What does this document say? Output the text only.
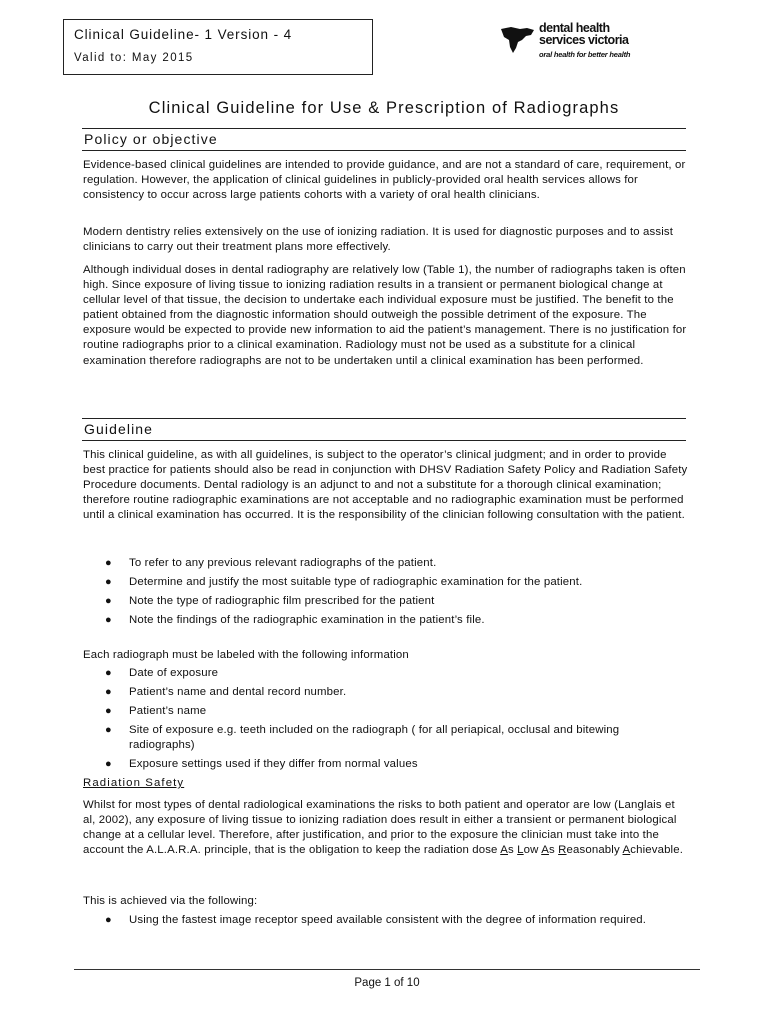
Clinical Guideline- 1 Version - 4
Valid to: May 2015
dental health
services victoria
oral health for better health
Clinical Guideline for Use & Prescription of Radiographs
Policy or objective

Evidence-based clinical guidelines are intended to provide guidance, and are not a standard of care, requirement, or regulation. However, the application of clinical guidelines in publicly-provided oral health services allows for consistency to occur across large patients cohorts with a variety of oral health clinicians.

Modern dentistry relies extensively on the use of ionizing radiation. It is used for diagnostic purposes and to assist clinicians to carry out their treatment plans more effectively.

Although individual doses in dental radiography are relatively low (Table 1), the number of radiographs taken is often high. Since exposure of living tissue to ionizing radiation results in a transient or permanent biological change at cellular level of that tissue, the decision to undertake each individual exposure must be justified. The benefit to the patient obtained from the diagnostic information should outweigh the possible detriment of the exposure. The exposure would be expected to provide new information to aid the patient’s management. There is no justification for routine radiographs prior to a clinical examination. Radiology must not be used as a substitute for a clinical examination therefore radiographs are not to be undertaken until a clinical examination has been performed.

Guideline

This clinical guideline, as with all guidelines, is subject to the operator’s clinical judgment; and in order to provide best practice for patients should also be read in conjunction with DHSV Radiation Safety Policy and Radiation Safety Procedure documents. Dental radiology is an adjunct to and not a substitute for a thorough clinical examination; therefore routine radiographic examinations are not acceptable and no radiographic examination must be performed until a clinical examination has occurred. It is the responsibility of the clinician following consultation with the patient.

● To refer to any previous relevant radiographs of the patient.
● Determine and justify the most suitable type of radiographic examination for the patient.
● Note the type of radiographic film prescribed for the patient
● Note the findings of the radiographic examination in the patient’s file.

Each radiograph must be labeled with the following information

● Date of exposure
● Patient’s name and dental record number.
● Patient’s name
● Site of exposure e.g. teeth included on the radiograph ( for all periapical, occlusal and bitewing radiographs)
● Exposure settings used if they differ from normal values
Radiation Safety

Whilst for most types of dental radiological examinations the risks to both patient and operator are low (Langlais et al, 2002), any exposure of living tissue to ionizing radiation does result in either a transient or permanent biological change at a cellular level. Therefore, after justification, and prior to the exposure the clinician must take into the account the A.L.A.R.A. principle, that is the obligation to keep the radiation dose As Low As Reasonably Achievable.

This is achieved via the following:

● Using the fastest image receptor speed available consistent with the degree of information required.
Page 1 of 10
